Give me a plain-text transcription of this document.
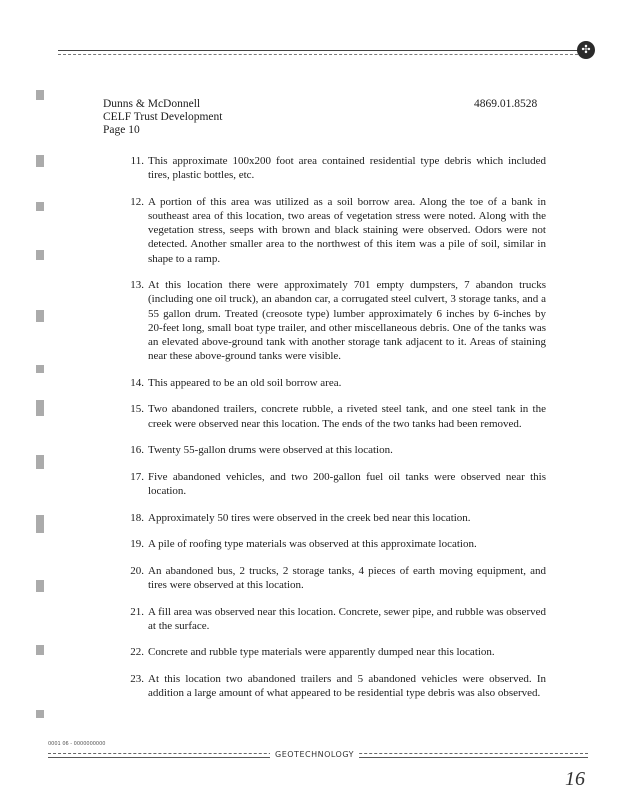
✣
Dunns & McDonnell
CELF Trust Development
Page 10
4869.01.8528
11. This approximate 100x200 foot area contained residential type debris which included tires, plastic bottles, etc.
12. A portion of this area was utilized as a soil borrow area. Along the toe of a bank in southeast area of this location, two areas of vegetation stress were noted. Along with the vegetation stress, seeps with brown and black staining were observed. Odors were not detected. Another smaller area to the northwest of this item was a pile of soil, similar in shape to a ramp.
13. At this location there were approximately 701 empty dumpsters, 7 abandon trucks (including one oil truck), an abandon car, a corrugated steel culvert, 3 storage tanks, and a 55 gallon drum. Treated (creosote type) lumber approximately 6 inches by 6-inches by 20-feet long, small boat type trailer, and other miscellaneous debris. One of the tanks was an elevated above-ground tank with another storage tank adjacent to it. Areas of staining near these above-ground tanks were visible.
14. This appeared to be an old soil borrow area.
15. Two abandoned trailers, concrete rubble, a riveted steel tank, and one steel tank in the creek were observed near this location. The ends of the two tanks had been removed.
16. Twenty 55-gallon drums were observed at this location.
17. Five abandoned vehicles, and two 200-gallon fuel oil tanks were observed near this location.
18. Approximately 50 tires were observed in the creek bed near this location.
19. A pile of roofing type materials was observed at this approximate location.
20. An abandoned bus, 2 trucks, 2 storage tanks, 4 pieces of earth moving equipment, and tires were observed at this location.
21. A fill area was observed near this location. Concrete, sewer pipe, and rubble was observed at the surface.
22. Concrete and rubble type materials were apparently dumped near this location.
23. At this location two abandoned trailers and 5 abandoned vehicles were observed. In addition a large amount of what appeared to be residential type debris was also observed.
0001 06 - 0000000000
GEOTECHNOLOGY
16
